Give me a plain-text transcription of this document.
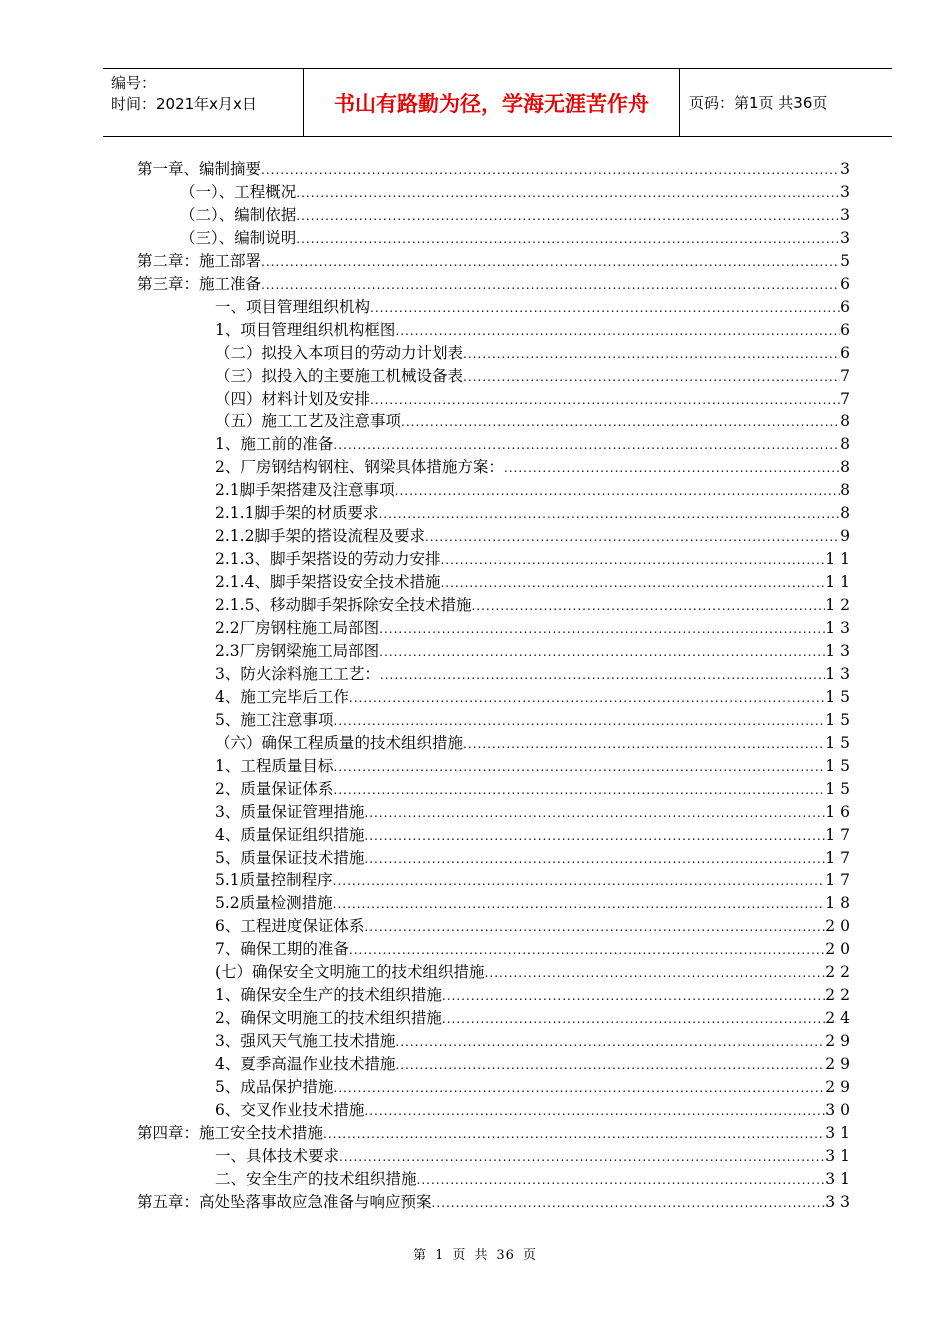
编号：
时间：2021年x月x日	书山有路勤为径，学海无涯苦作舟	页码：第1页 共36页
第一章、编制摘要 .....	3
（一）、工程概况 .....	3
（二）、编制依据 .....	3
（三）、编制说明 .....	3
第二章：施工部署 .....	5
第三章：施工准备 .....	6
一、项目管理组织机构 .....	6
1、项目管理组织机构框图 .....	6
（二）拟投入本项目的劳动力计划表 .....	6
（三）拟投入的主要施工机械设备表 .....	7
（四）材料计划及安排 .....	7
（五）施工工艺及注意事项 .....	8
1、施工前的准备 .....	8
2、厂房钢结构钢柱、钢梁具体措施方案： .....	8
2.1脚手架搭建及注意事项 .....	8
2.1.1脚手架的材质要求 .....	8
2.1.2脚手架的搭设流程及要求 .....	9
2.1.3、脚手架搭设的劳动力安排 .....	11
2.1.4、脚手架搭设安全技术措施 .....	11
2.1.5、移动脚手架拆除安全技术措施 .....	12
2.2厂房钢柱施工局部图 .....	13
2.3厂房钢梁施工局部图 .....	13
3、防火涂料施工工艺： .....	13
4、施工完毕后工作 .....	15
5、施工注意事项 .....	15
（六）确保工程质量的技术组织措施 .....	15
1、工程质量目标 .....	15
2、质量保证体系 .....	15
3、质量保证管理措施 .....	16
4、质量保证组织措施 .....	17
5、质量保证技术措施 .....	17
5.1质量控制程序 .....	17
5.2质量检测措施 .....	18
6、工程进度保证体系 .....	20
7、确保工期的准备 .....	20
(七）确保安全文明施工的技术组织措施 .....	22
1、确保安全生产的技术组织措施 .....	22
2、确保文明施工的技术组织措施 .....	24
3、强风天气施工技术措施 .....	29
4、夏季高温作业技术措施 .....	29
5、成品保护措施 .....	29
6、交叉作业技术措施 .....	30
第四章：施工安全技术措施 .....	31
一、具体技术要求 .....	31
二、安全生产的技术组织措施 .....	31
第五章：高处坠落事故应急准备与响应预案 .....	33
第 1 页 共 36 页
